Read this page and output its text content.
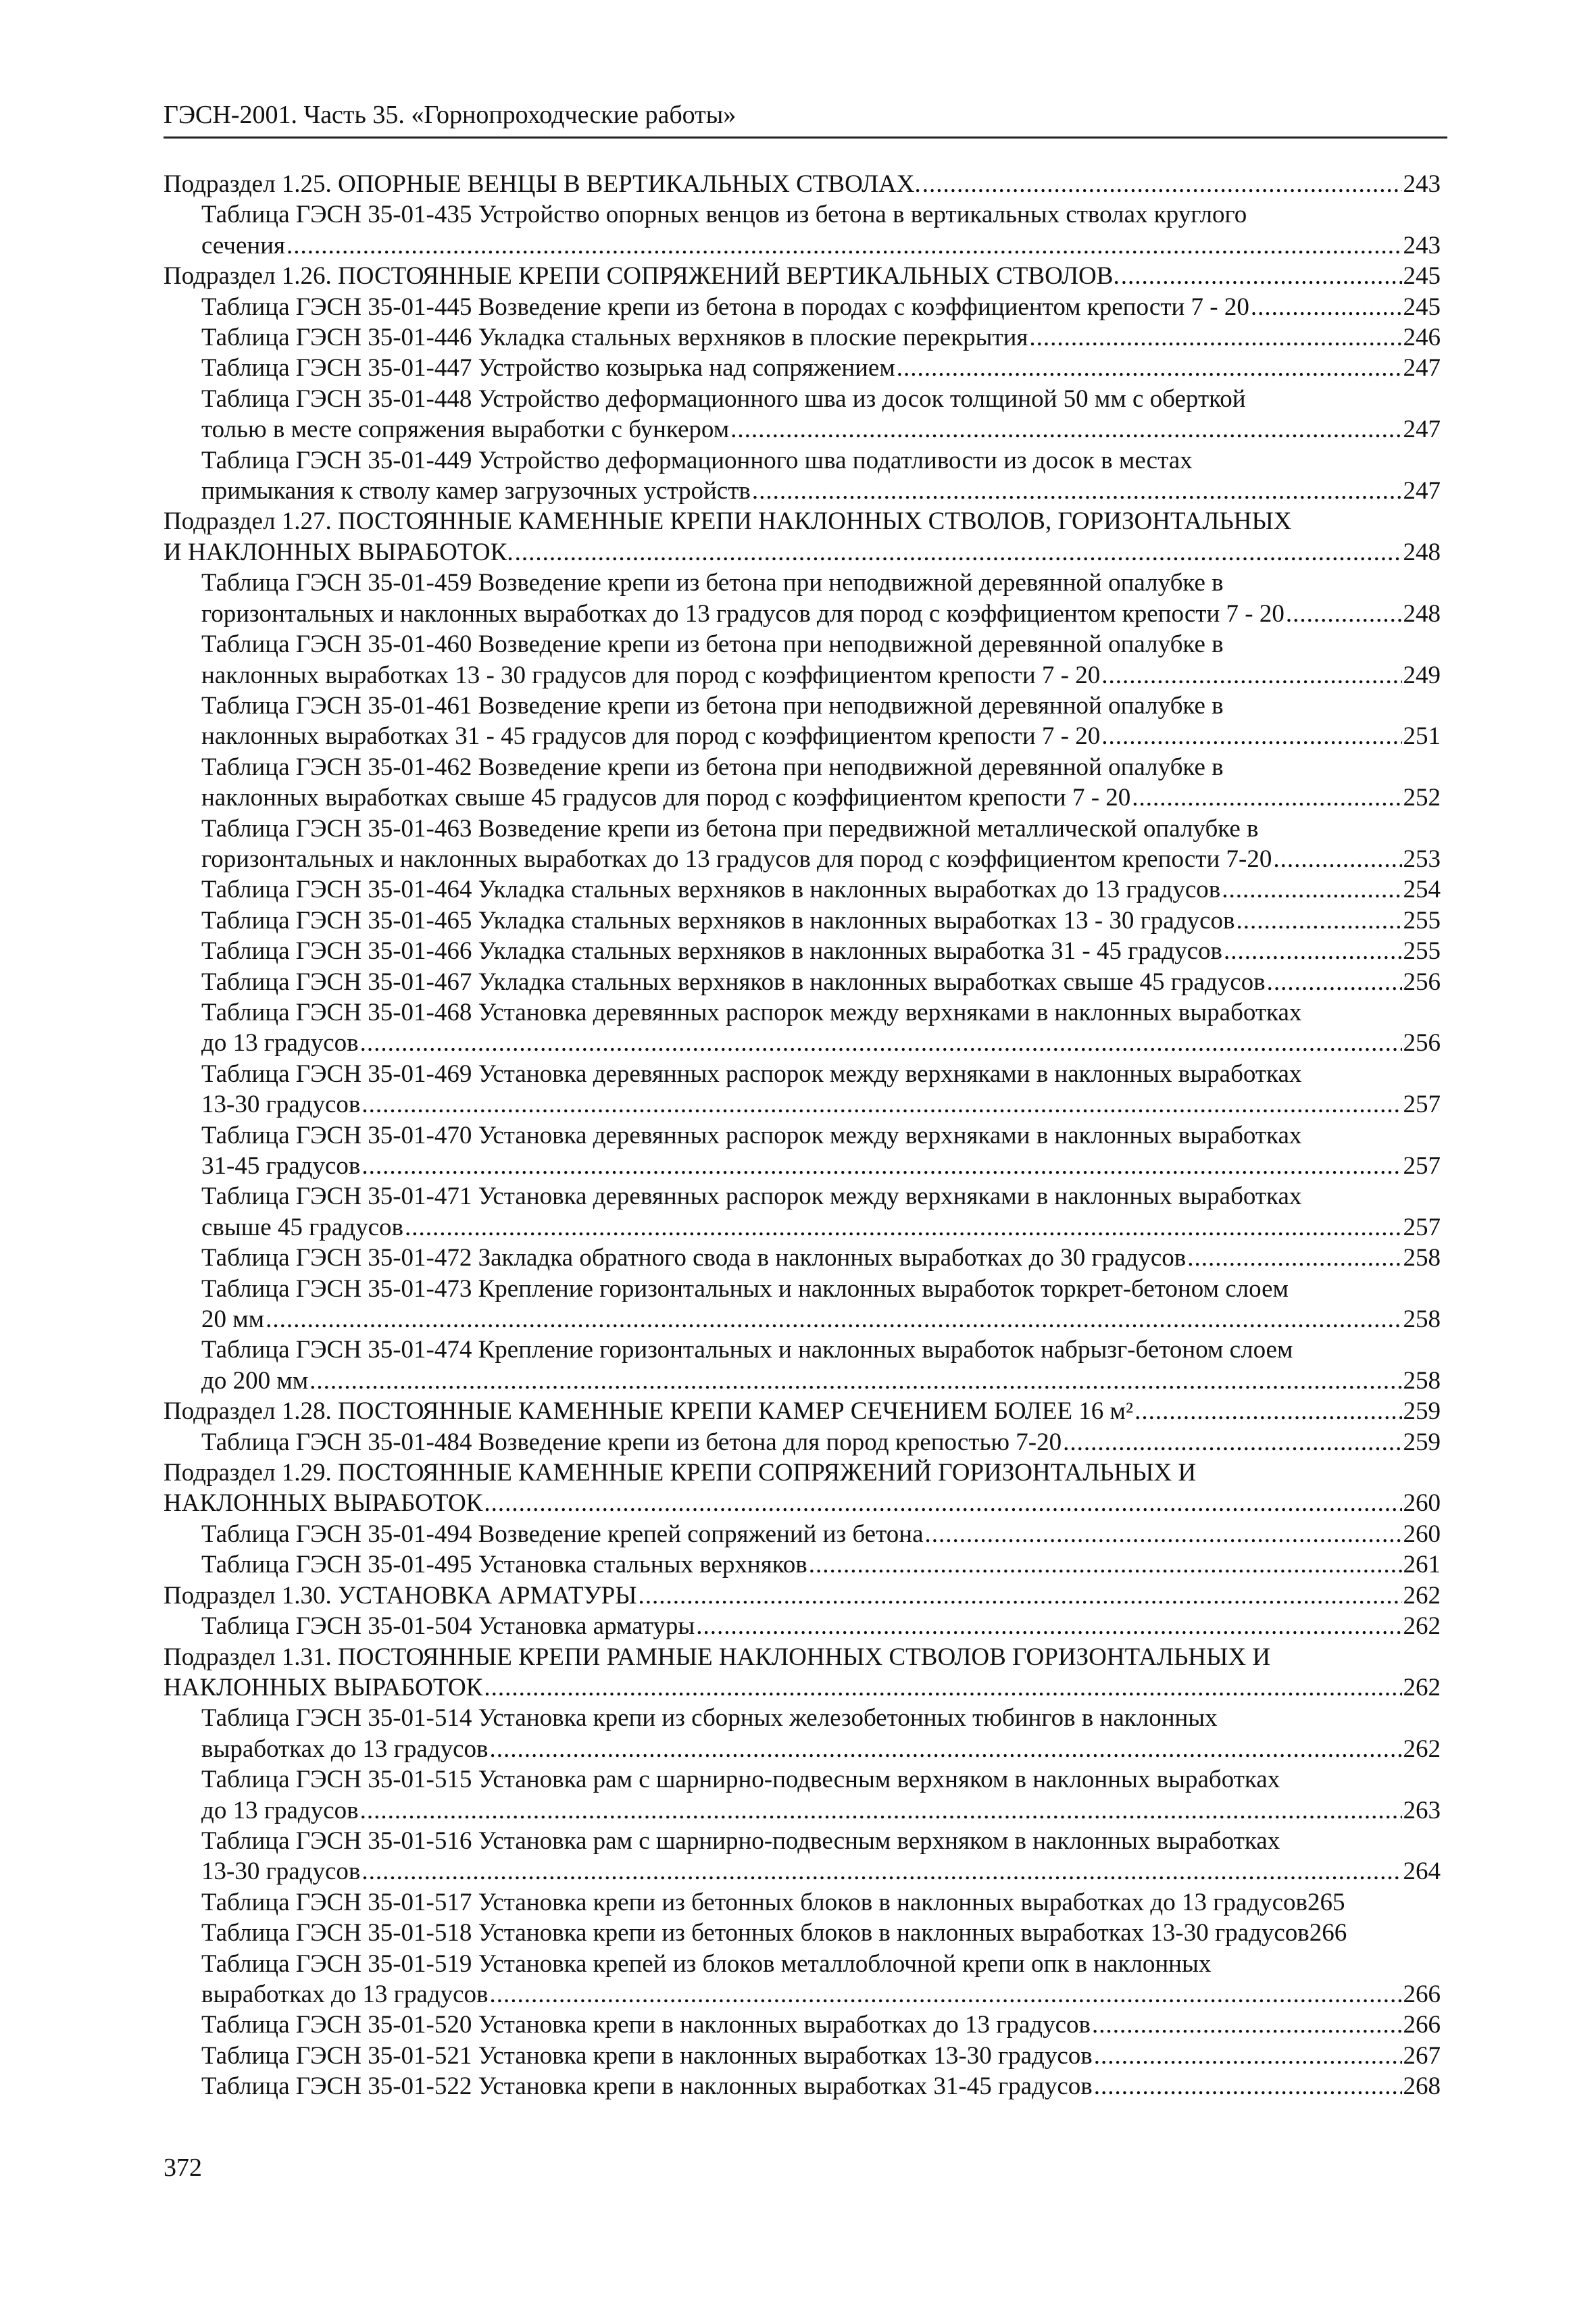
ГЭСН-2001. Часть 35. «Горнопроходческие работы»
Подраздел 1.25. ОПОРНЫЕ ВЕНЦЫ В ВЕРТИКАЛЬНЫХ СТВОЛАХ. .....	243
Таблица ГЭСН 35-01-435 Устройство опорных венцов из бетона в вертикальных стволах круглого
сечения .....	243
Подраздел 1.26. ПОСТОЯННЫЕ КРЕПИ СОПРЯЖЕНИЙ ВЕРТИКАЛЬНЫХ СТВОЛОВ. .....	245
Таблица ГЭСН 35-01-445 Возведение крепи из бетона в породах с коэффициентом крепости 7 - 20 .....	245
Таблица ГЭСН 35-01-446 Укладка стальных верхняков в плоские перекрытия .....	246
Таблица ГЭСН 35-01-447 Устройство козырька над сопряжением .....	247
Таблица ГЭСН 35-01-448 Устройство деформационного шва из досок толщиной 50 мм с оберткой
толью в месте сопряжения выработки с бункером .....	247
Таблица ГЭСН 35-01-449 Устройство деформационного шва податливости из досок в местах
примыкания к стволу камер загрузочных устройств .....	247
Подраздел 1.27. ПОСТОЯННЫЕ КАМЕННЫЕ КРЕПИ НАКЛОННЫХ СТВОЛОВ, ГОРИЗОНТАЛЬНЫХ
И НАКЛОННЫХ ВЫРАБОТОК. .....	248
Таблица ГЭСН 35-01-459 Возведение крепи из бетона при неподвижной деревянной опалубке в
горизонтальных и наклонных выработках до 13 градусов для пород с коэффициентом крепости 7 - 20 .....	248
Таблица ГЭСН 35-01-460 Возведение крепи из бетона при неподвижной деревянной опалубке в
наклонных выработках 13 - 30 градусов для пород с коэффициентом крепости 7 - 20 .....	249
Таблица ГЭСН 35-01-461 Возведение крепи из бетона при неподвижной деревянной опалубке в
наклонных выработках 31 - 45 градусов для пород с коэффициентом крепости 7 - 20 .....	251
Таблица ГЭСН 35-01-462 Возведение крепи из бетона при неподвижной деревянной опалубке в
наклонных выработках свыше 45 градусов для пород с коэффициентом крепости 7 - 20 .....	252
Таблица ГЭСН 35-01-463 Возведение крепи из бетона при передвижной металлической опалубке в
горизонтальных и наклонных выработках до 13 градусов для пород с коэффициентом крепости 7-20 .....	253
Таблица ГЭСН 35-01-464 Укладка стальных верхняков в наклонных выработках до 13 градусов .....	254
Таблица ГЭСН 35-01-465 Укладка стальных верхняков в наклонных выработках 13 - 30 градусов .....	255
Таблица ГЭСН 35-01-466 Укладка стальных верхняков в наклонных выработка 31 - 45 градусов .....	255
Таблица ГЭСН 35-01-467 Укладка стальных верхняков в наклонных выработках свыше 45 градусов .....	256
Таблица ГЭСН 35-01-468 Установка деревянных распорок между верхняками в наклонных выработках
до 13 градусов .....	256
Таблица ГЭСН 35-01-469 Установка деревянных распорок между верхняками в наклонных выработках
13-30 градусов .....	257
Таблица ГЭСН 35-01-470 Установка деревянных распорок между верхняками в наклонных выработках
31-45 градусов .....	257
Таблица ГЭСН 35-01-471 Установка деревянных распорок между верхняками в наклонных выработках
свыше 45 градусов .....	257
Таблица ГЭСН 35-01-472 Закладка обратного свода в наклонных выработках до 30 градусов .....	258
Таблица ГЭСН 35-01-473 Крепление горизонтальных и наклонных выработок торкрет-бетоном слоем
20 мм .....	258
Таблица ГЭСН 35-01-474 Крепление горизонтальных и наклонных выработок набрызг-бетоном слоем
до 200 мм .....	258
Подраздел 1.28. ПОСТОЯННЫЕ КАМЕННЫЕ КРЕПИ КАМЕР СЕЧЕНИЕМ БОЛЕЕ 16 м² .....	259
Таблица ГЭСН 35-01-484 Возведение крепи из бетона для пород крепостью 7-20 .....	259
Подраздел 1.29. ПОСТОЯННЫЕ КАМЕННЫЕ КРЕПИ СОПРЯЖЕНИЙ ГОРИЗОНТАЛЬНЫХ И
НАКЛОННЫХ ВЫРАБОТОК .....	260
Таблица ГЭСН 35-01-494 Возведение крепей сопряжений из бетона .....	260
Таблица ГЭСН 35-01-495 Установка стальных верхняков .....	261
Подраздел 1.30. УСТАНОВКА АРМАТУРЫ .....	262
Таблица ГЭСН 35-01-504 Установка арматуры .....	262
Подраздел 1.31. ПОСТОЯННЫЕ КРЕПИ РАМНЫЕ НАКЛОННЫХ СТВОЛОВ ГОРИЗОНТАЛЬНЫХ И
НАКЛОННЫХ ВЫРАБОТОК .....	262
Таблица ГЭСН 35-01-514 Установка крепи из сборных железобетонных тюбингов в наклонных
выработках до 13 градусов .....	262
Таблица ГЭСН 35-01-515 Установка рам с шарнирно-подвесным верхняком в наклонных выработках
до 13 градусов .....	263
Таблица ГЭСН 35-01-516 Установка рам с шарнирно-подвесным верхняком в наклонных выработках
13-30 градусов .....	264
Таблица ГЭСН 35-01-517 Установка крепи из бетонных блоков в наклонных выработках до 13 градусов 265
Таблица ГЭСН 35-01-518 Установка крепи из бетонных блоков в наклонных выработках 13-30 градусов 266
Таблица ГЭСН 35-01-519 Установка крепей из блоков металлоблочной крепи опк в наклонных
выработках до 13 градусов .....	266
Таблица ГЭСН 35-01-520 Установка крепи в наклонных выработках до 13 градусов .....	266
Таблица ГЭСН 35-01-521 Установка крепи в наклонных выработках 13-30 градусов .....	267
Таблица ГЭСН 35-01-522 Установка крепи в наклонных выработках 31-45 градусов .....	268
372
